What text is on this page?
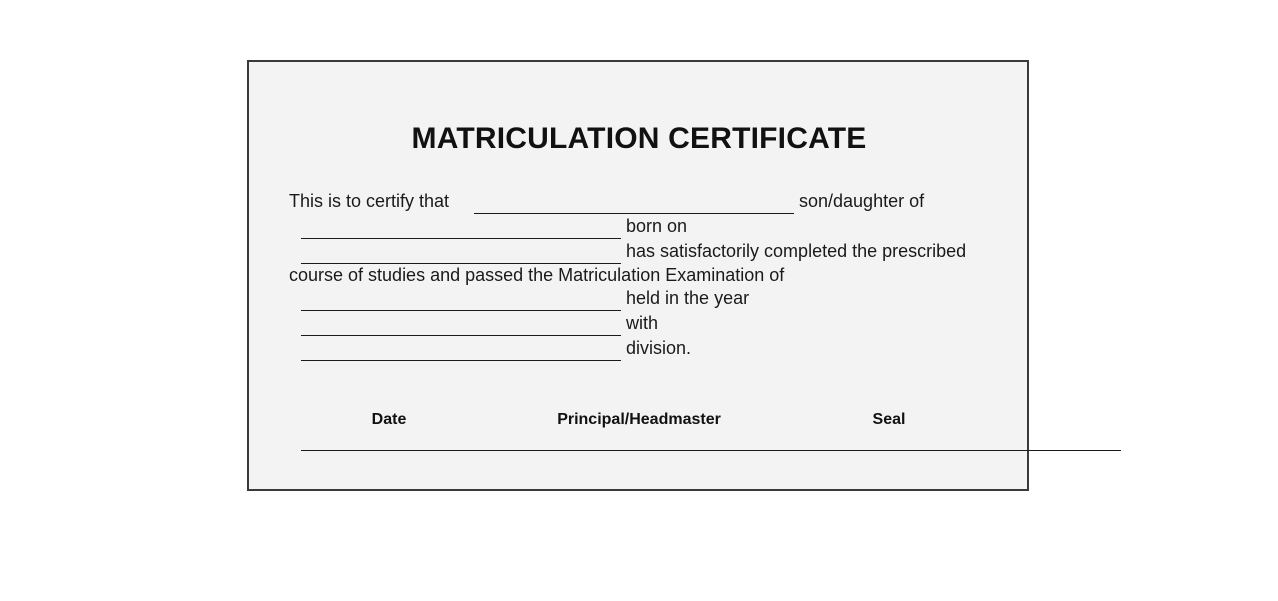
MATRICULATION CERTIFICATE
This is to certify that	son/daughter of
born on
has satisfactorily completed the prescribed
course of studies and passed the Matriculation Examination of
held in the year
with
division.
Date	Principal/Headmaster	Seal
